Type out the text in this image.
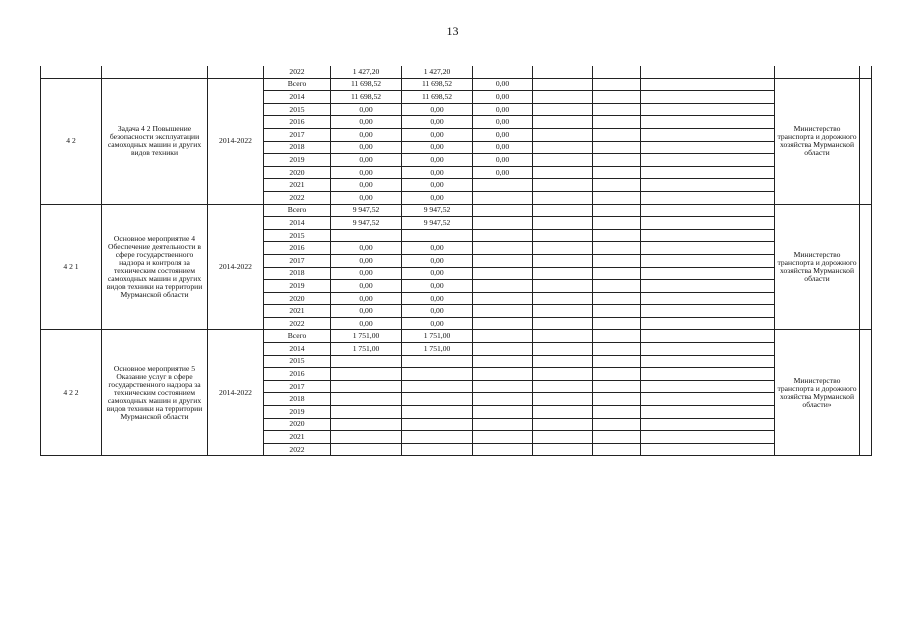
13
			2022	1 427,20	1 427,20						
4 2	Задача 4 2 Повышение безопасности эксплуатации самоходных машин и других видов техники	2014-2022	Всего	11 698,52	11 698,52	0,00				Министерство транспорта и дорожного хозяйства Мурманской области	
			2014	11 698,52	11 698,52	0,00					
			2015	0,00	0,00	0,00					
			2016	0,00	0,00	0,00					
			2017	0,00	0,00	0,00					
			2018	0,00	0,00	0,00					
			2019	0,00	0,00	0,00					
			2020	0,00	0,00	0,00					
			2021	0,00	0,00						
			2022	0,00	0,00						
4 2 1	Основное мероприятие 4 Обеспечение деятельности в сфере государственного надзора и контроля за техническим состоянием самоходных машин и других видов техники на территории Мурманской области	2014-2022	Всего	9 947,52	9 947,52					Министерство транспорта и дорожного хозяйства Мурманской области	
			2014	9 947,52	9 947,52						
			2015								
			2016	0,00	0,00						
			2017	0,00	0,00						
			2018	0,00	0,00						
			2019	0,00	0,00						
			2020	0,00	0,00						
			2021	0,00	0,00						
			2022	0,00	0,00						
4 2 2	Основное мероприятие 5 Оказание услуг в сфере государственного надзора за техническим состоянием самоходных машин и других видов техники на территории Мурманской области	2014-2022	Всего	1 751,00	1 751,00					Министерство транспорта и дорожного хозяйства Мурманской области»	
			2014	1 751,00	1 751,00						
			2015								
			2016								
			2017								
			2018								
			2019								
			2020								
			2021								
			2022								
